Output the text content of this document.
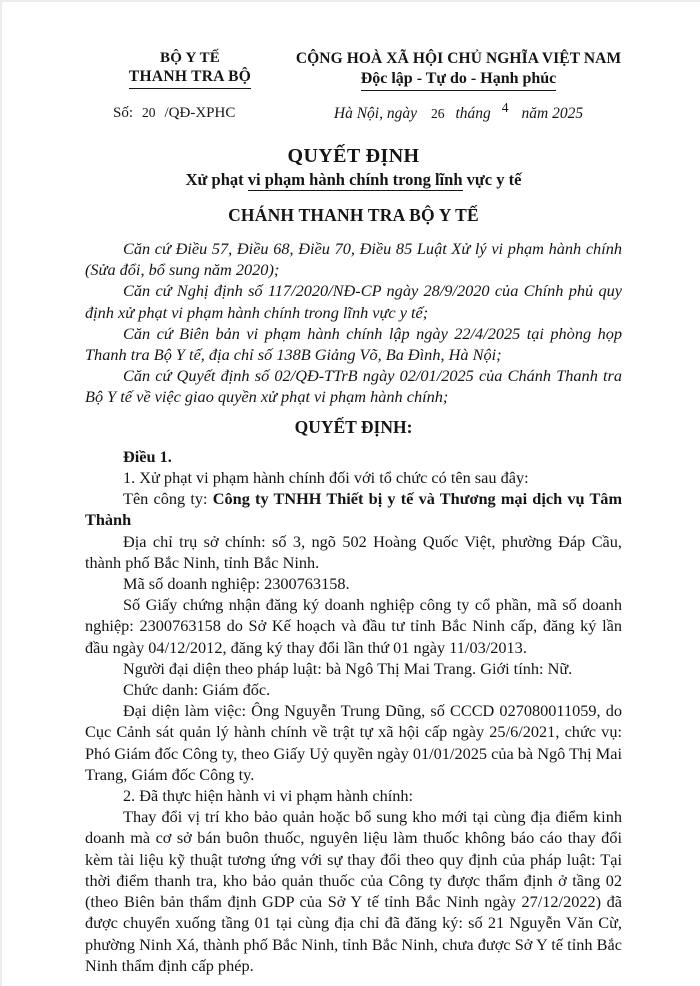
BỘ Y TẾ
THANH TRA BỘ
Số: 20 /QĐ-XPHC
CỘNG HOÀ XÃ HỘI CHỦ NGHĨA VIỆT NAM
Độc lập - Tự do - Hạnh phúc
Hà Nội, ngày 26 tháng 4 năm 2025
QUYẾT ĐỊNH
Xử phạt vi phạm hành chính trong lĩnh vực y tế
CHÁNH THANH TRA BỘ Y TẾ

Căn cứ Điều 57, Điều 68, Điều 70, Điều 85 Luật Xử lý vi phạm hành chính (Sửa đổi, bổ sung năm 2020);

Căn cứ Nghị định số 117/2020/NĐ-CP ngày 28/9/2020 của Chính phủ quy định xử phạt vi phạm hành chính trong lĩnh vực y tế;

Căn cứ Biên bản vi phạm hành chính lập ngày 22/4/2025 tại phòng họp Thanh tra Bộ Y tế, địa chỉ số 138B Giảng Võ, Ba Đình, Hà Nội;

Căn cứ Quyết định số 02/QĐ-TTrB ngày 02/01/2025 của Chánh Thanh tra Bộ Y tế về việc giao quyền xử phạt vi phạm hành chính;

QUYẾT ĐỊNH:

Điều 1.

1. Xử phạt vi phạm hành chính đối với tổ chức có tên sau đây:

Tên công ty: Công ty TNHH Thiết bị y tế và Thương mại dịch vụ Tâm Thành

Địa chỉ trụ sở chính: số 3, ngõ 502 Hoàng Quốc Việt, phường Đáp Cầu, thành phố Bắc Ninh, tỉnh Bắc Ninh.

Mã số doanh nghiệp: 2300763158.

Số Giấy chứng nhận đăng ký doanh nghiệp công ty cổ phần, mã số doanh nghiệp: 2300763158 do Sở Kế hoạch và đầu tư tỉnh Bắc Ninh cấp, đăng ký lần đầu ngày 04/12/2012, đăng ký thay đổi lần thứ 01 ngày 11/03/2013.

Người đại diện theo pháp luật: bà Ngô Thị Mai Trang. Giới tính: Nữ.

Chức danh: Giám đốc.

Đại diện làm việc: Ông Nguyễn Trung Dũng, số CCCD 027080011059, do Cục Cảnh sát quản lý hành chính về trật tự xã hội cấp ngày 25/6/2021, chức vụ: Phó Giám đốc Công ty, theo Giấy Uỷ quyền ngày 01/01/2025 của bà Ngô Thị Mai Trang, Giám đốc Công ty.

2. Đã thực hiện hành vi vi phạm hành chính:

Thay đổi vị trí kho bảo quản hoặc bổ sung kho mới tại cùng địa điểm kinh doanh mà cơ sở bán buôn thuốc, nguyên liệu làm thuốc không báo cáo thay đổi kèm tài liệu kỹ thuật tương ứng với sự thay đổi theo quy định của pháp luật: Tại thời điểm thanh tra, kho bảo quản thuốc của Công ty được thẩm định ở tầng 02 (theo Biên bản thẩm định GDP của Sở Y tế tỉnh Bắc Ninh ngày 27/12/2022) đã được chuyển xuống tầng 01 tại cùng địa chỉ đã đăng ký: số 21 Nguyễn Văn Cừ, phường Ninh Xá, thành phố Bắc Ninh, tỉnh Bắc Ninh, chưa được Sở Y tế tỉnh Bắc Ninh thẩm định cấp phép.
